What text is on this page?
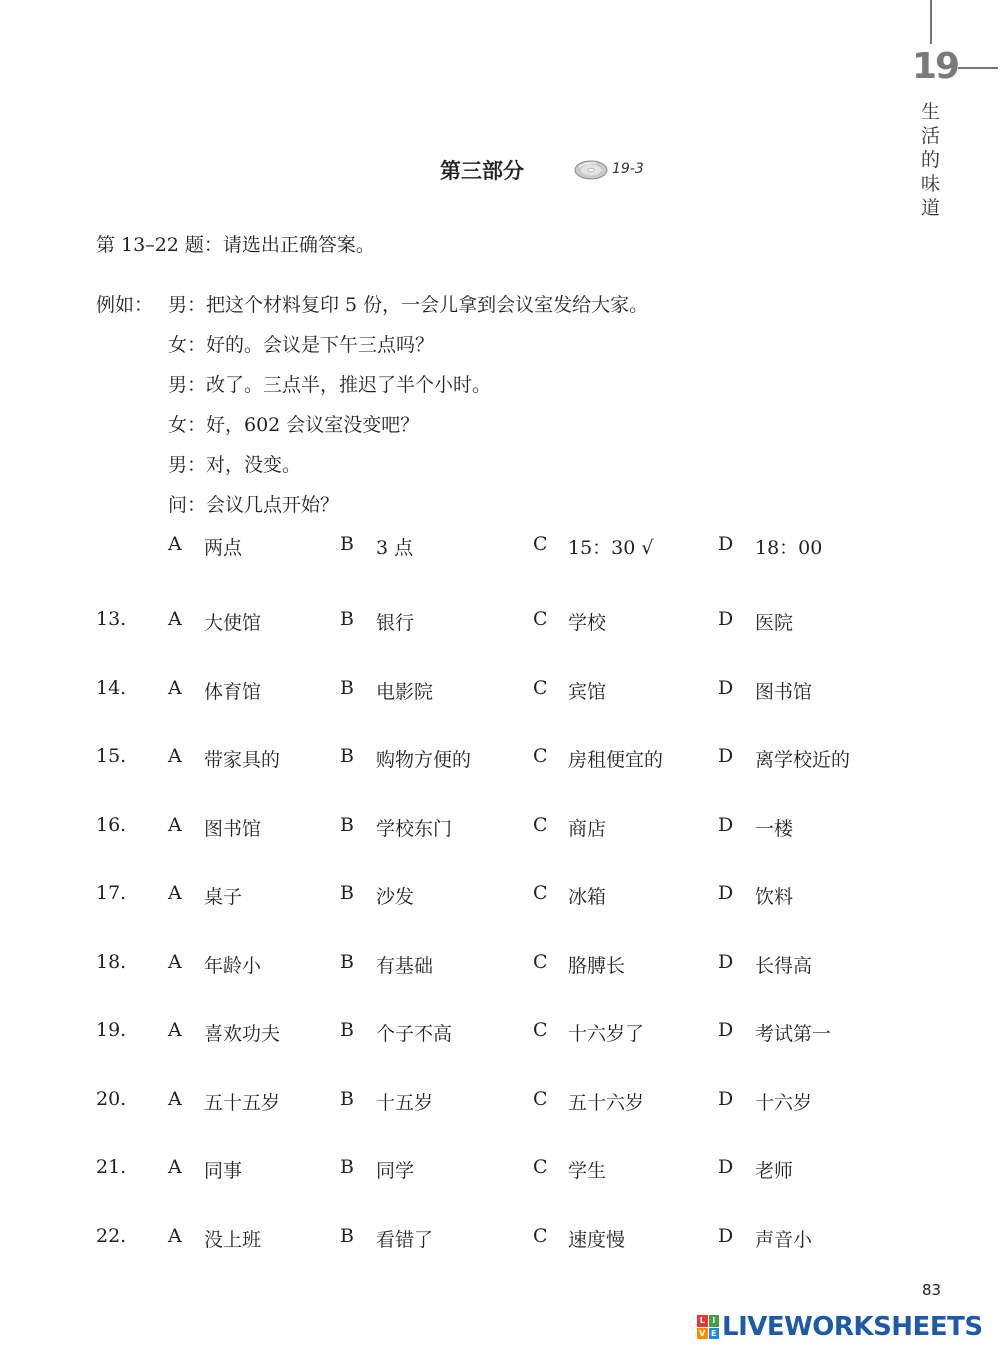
19
生
活
的
味
道
第三部分	19-3
第 13–22 题：请选出正确答案。
例如： 男：把这个材料复印 5 份，一会儿拿到会议室发给大家。
女：好的。会议是下午三点吗？
男：改了。三点半，推迟了半个小时。
女：好，602 会议室没变吧？
男：对，没变。
问：会议几点开始？
A 两点	B 3 点	C 15：30 √	D 18：00
13. A 大使馆	B 银行	C 学校	D 医院
14. A 体育馆	B 电影院	C 宾馆	D 图书馆
15. A 带家具的	B 购物方便的	C 房租便宜的	D 离学校近的
16. A 图书馆	B 学校东门	C 商店	D 一楼
17. A 桌子	B 沙发	C 冰箱	D 饮料
18. A 年龄小	B 有基础	C 胳膊长	D 长得高
19. A 喜欢功夫	B 个子不高	C 十六岁了	D 考试第一
20. A 五十五岁	B 十五岁	C 五十六岁	D 十六岁
21. A 同事	B 同学	C 学生	D 老师
22. A 没上班	B 看错了	C 速度慢	D 声音小
83
L I
V E LIVEWORKSHEETS
